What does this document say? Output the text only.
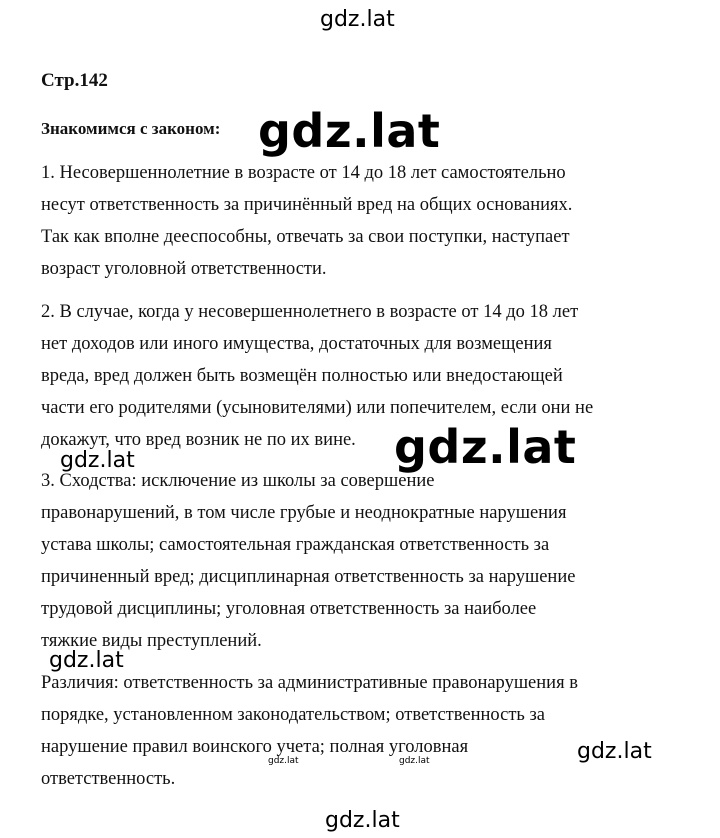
gdz.lat
Стр.142
Знакомимся с законом: gdz.lat

1. Несовершеннолетние в возрасте от 14 до 18 лет самостоятельно
несут ответственность за причинённый вред на общих основаниях.
Так как вполне дееспособны, отвечать за свои поступки, наступает
возраст уголовной ответственности.

2. В случае, когда у несовершеннолетнего в возрасте от 14 до 18 лет
нет доходов или иного имущества, достаточных для возмещения
вреда, вред должен быть возмещён полностью или внедостающей
части его родителями (усыновителями) или попечителем, если они не
докажут, что вред возник не по их вине. gdz.lat
gdz.lat

3. Сходства: исключение из школы за совершение
правонарушений, в том числе грубые и неоднократные нарушения
устава школы; самостоятельная гражданская ответственность за
причиненный вред; дисциплинарная ответственность за нарушение
трудовой дисциплины; уголовная ответственность за наиболее
тяжкие виды преступлений.

gdz.lat

Различия: ответственность за административные правонарушения в
порядке, установленном законодательством; ответственность за
нарушение правил воинского учета; полная уголовная
ответственность.

gdz.lat
gdz.lat	gdz.lat
gdz.lat
